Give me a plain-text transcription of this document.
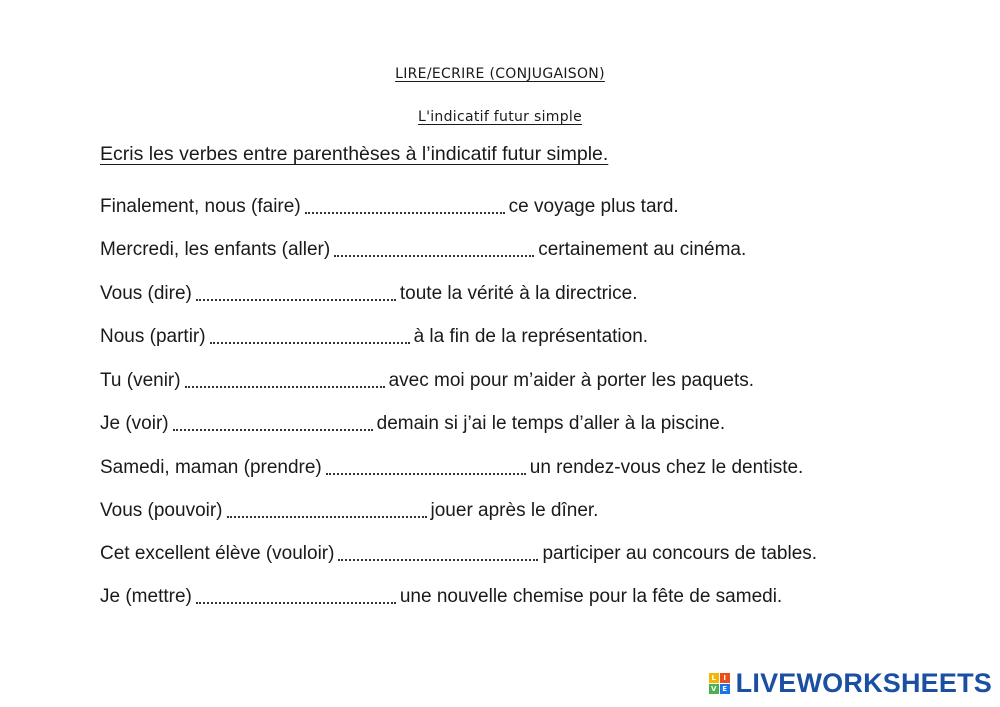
LIRE/ECRIRE (CONJUGAISON)
L'indicatif futur simple
Ecris les verbes entre parenthèses à l’indicatif futur simple.
Finalement, nous (faire)	ce voyage plus tard.
Mercredi, les enfants (aller)	certainement au cinéma.
Vous (dire)	toute la vérité à la directrice.
Nous (partir)	à la fin de la représentation.
Tu (venir)	avec moi pour m’aider à porter les paquets.
Je (voir)	demain si j’ai le temps d’aller à la piscine.
Samedi, maman (prendre)	un rendez-vous chez le dentiste.
Vous (pouvoir)	jouer après le dîner.
Cet excellent élève (vouloir)	participer au concours de tables.
Je (mettre)	une nouvelle chemise pour la fête de samedi.
L	I
V E LIVEWORKSHEETS
